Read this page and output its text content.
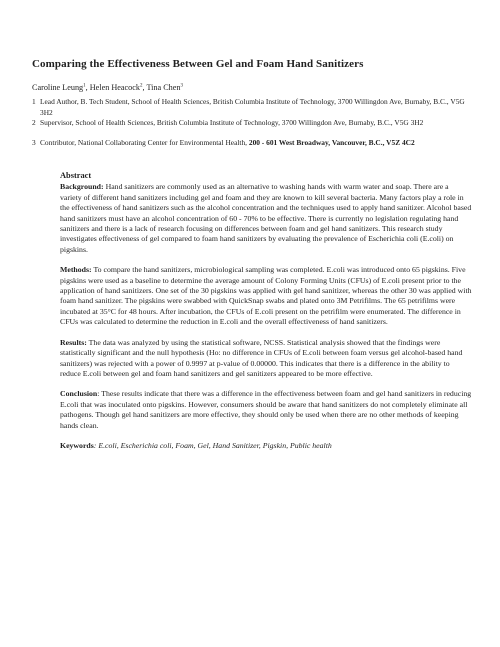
Comparing the Effectiveness Between Gel and Foam Hand Sanitizers
Caroline Leung$^1$, Helen Heacock$^2$, Tina Chen$^3$
1 Lead Author, B. Tech Student, School of Health Sciences, British Columbia Institute of Technology, 3700 Willingdon Ave, Burnaby, B.C., V5G 3H2
2 Supervisor, School of Health Sciences, British Columbia Institute of Technology, 3700 Willingdon Ave, Burnaby, B.C., V5G 3H2
3 Contributor, National Collaborating Center for Environmental Health, 200 - 601 West Broadway, Vancouver, B.C., V5Z 4C2
Abstract

Background: Hand sanitizers are commonly used as an alternative to washing hands with warm water and soap. There are a variety of different hand sanitizers including gel and foam and they are known to kill several bacteria. Many factors play a role in the effectiveness of hand sanitizers such as the alcohol concentration and the techniques used to apply hand sanitizer. Alcohol based hand sanitizers must have an alcohol concentration of 60 - 70% to be effective. There is currently no legislation regulating hand sanitizers and there is a lack of research focusing on differences between foam and gel hand sanitizers. This research study investigates effectiveness of gel compared to foam hand sanitizers by evaluating the prevalence of Escherichia coli (E.coli) on pigskins.

Methods: To compare the hand sanitizers, microbiological sampling was completed. E.coli was introduced onto 65 pigskins. Five pigskins were used as a baseline to determine the average amount of Colony Forming Units (CFUs) of E.coli present prior to the application of hand sanitizers. One set of the 30 pigskins was applied with gel hand sanitizer, whereas the other 30 was applied with foam hand sanitizer. The pigskins were swabbed with QuickSnap swabs and plated onto 3M Petrifilms. The 65 petrifilms were incubated at 35°C for 48 hours. After incubation, the CFUs of E.coli present on the petrifilm were enumerated. The difference in CFUs was calculated to determine the reduction in E.coli and the overall effectiveness of hand sanitizers.

Results: The data was analyzed by using the statistical software, NCSS. Statistical analysis showed that the findings were statistically significant and the null hypothesis (Ho: no difference in CFUs of E.coli between foam versus gel alcohol-based hand sanitizers) was rejected with a power of 0.9997 at p-value of 0.00000. This indicates that there is a difference in the ability to reduce E.coli between gel and foam hand sanitizers and gel sanitizers appeared to be more effective.

Conclusion: These results indicate that there was a difference in the effectiveness between foam and gel hand sanitizers in reducing E.coli that was inoculated onto pigskins. However, consumers should be aware that hand sanitizers do not completely eliminate all pathogens. Though gel hand sanitizers are more effective, they should only be used when there are no other methods of keeping hands clean.

Keywords: E.coli, Escherichia coli, Foam, Gel, Hand Sanitizer, Pigskin, Public health
